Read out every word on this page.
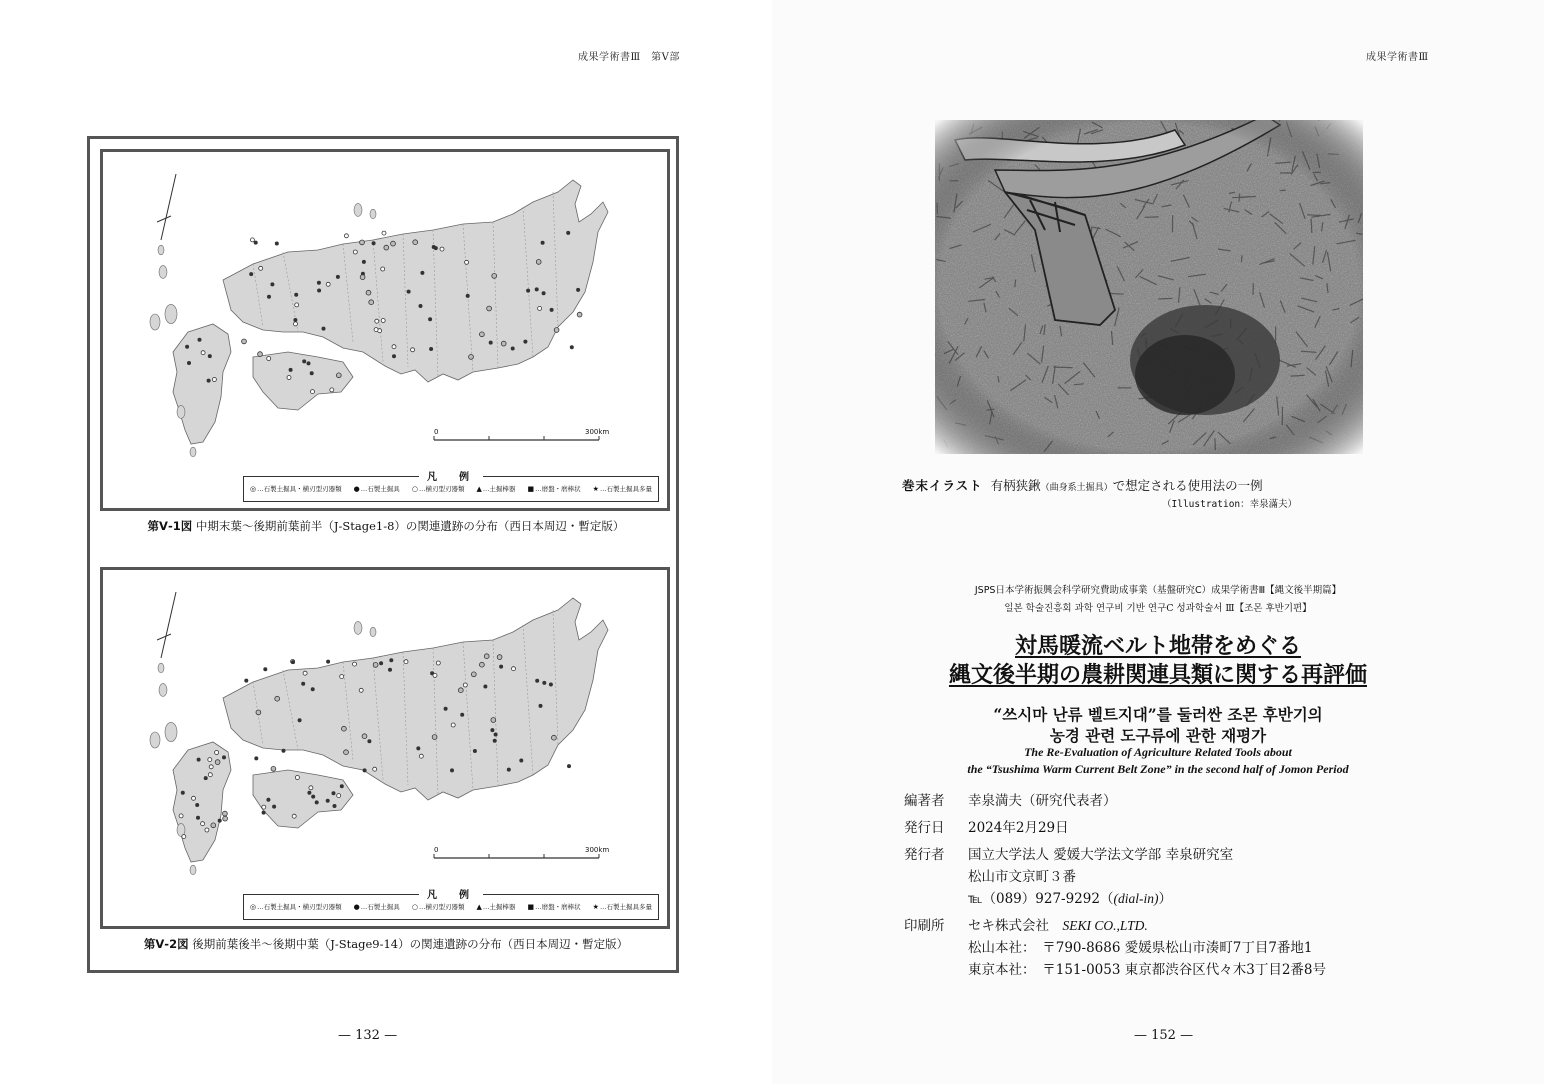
成果学術書Ⅲ　第Ⅴ部
0	300km
凡　例
◎…石製土掘具・横刃型刃器類 ●…石製土掘具 ○…横刃型刃器類 ▲…土掘棒器 ■…磨盤・磨棒状 ★…石製土掘具多量
第Ⅴ-1図 中期末葉～後期前葉前半（J-Stage1-8）の関連遺跡の分布（西日本周辺・暫定版）
0	300km
凡　例
◎…石製土掘具・横刃型刃器類 ●…石製土掘具 ○…横刃型刃器類 ▲…土掘棒器 ■…磨盤・磨棒状 ★…石製土掘具多量
第Ⅴ-2図 後期前葉後半～後期中葉（J-Stage9-14）の関連遺跡の分布（西日本周辺・暫定版）
— 132 —
成果学術書Ⅲ
巻末イラスト 有柄狭鍬（曲身系土掘具）で想定される使用法の一例
（Illustration：幸泉滿夫）
JSPS日本学術振興会科学研究費助成事業（基盤研究C）成果学術書Ⅲ【縄文後半期篇】
일본 학술진흥회 과학 연구비 기반 연구C 성과학술서 Ⅲ【조몬 후반기편】
対馬暖流ベルト地帯をめぐる
縄文後半期の農耕関連具類に関する再評価
“쓰시마 난류 벨트지대”를 둘러싼 조몬 후반기의
농경 관련 도구류에 관한 재평가
The Re-Evaluation of Agriculture Related Tools about
the “Tsushima Warm Current Belt Zone” in the second half of Jomon Period
編著者	幸泉満夫（研究代表者）
発行日	2024年2月29日
発行者	国立大学法人 愛媛大学法文学部 幸泉研究室
松山市文京町３番
℡（089）927-9292（(dial-in)）
印刷所	セキ株式会社　 SEKI CO.,LTD.
松山本社：　〒790-8686 愛媛県松山市湊町7丁目7番地1
東京本社：　〒151-0053 東京都渋谷区代々木3丁目2番8号
— 152 —
